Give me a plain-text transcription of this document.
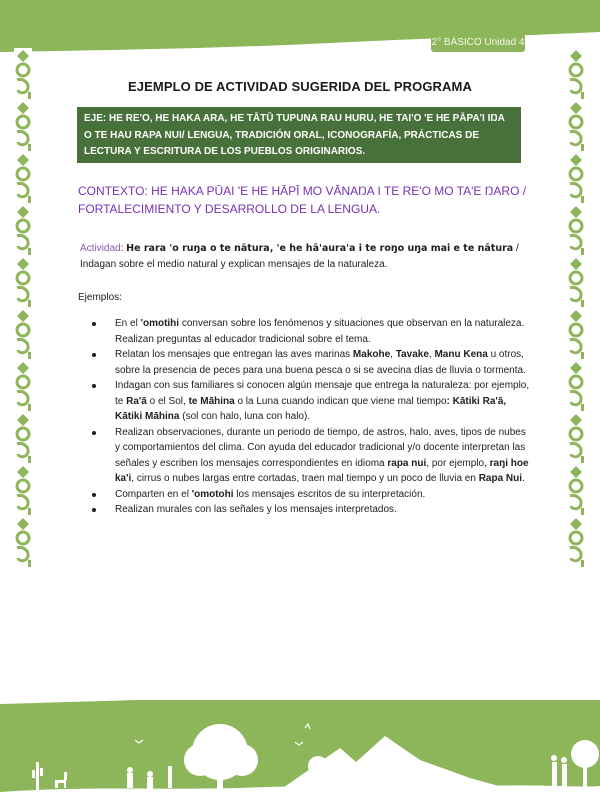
2° BÁSICO Unidad 4
EJEMPLO DE ACTIVIDAD SUGERIDA DEL PROGRAMA
EJE: HE RE'O, HE HAKA ARA, HE TĀTŪ TUPUNA RAU HURU, HE TAI'O 'E HE PĀPA'I IŊA O TE HAU RAPA NUI/ LENGUA, TRADICIÓN ORAL, ICONOGRAFÍA, PRÁCTICAS DE LECTURA Y ESCRITURA DE LOS PUEBLOS ORIGINARIOS.
CONTEXTO: HE HAKA PŪAI 'E HE HĀPĪ MO VĀNAŊA I TE RE'O MO TA'E ŊARO / FORTALECIMIENTO Y DESARROLLO DE LA LENGUA.
Actividad: He rara 'o ruŋa o te nātura, 'e he hā'aura'a i te roŋo uŋa mai e te nātura / Indagan sobre el medio natural y explican mensajes de la naturaleza.
Ejemplos:
En el 'omotihi conversan sobre los fenómenos y situaciones que observan en la naturaleza. Realizan preguntas al educador tradicional sobre el tema.
Relatan los mensajes que entregan las aves marinas Makohe, Tavake, Manu Kena u otros, sobre la presencia de peces para una buena pesca o si se avecina días de lluvia o tormenta.
Indagan con sus familiares si conocen algún mensaje que entrega la naturaleza: por ejemplo, te Ra'ā o el Sol, te Māhina o la Luna cuando indican que viene mal tiempo: Kātiki Ra'ā, Kātiki Māhina (sol con halo, luna con halo).
Realizan observaciones, durante un periodo de tiempo, de astros, halo, aves, tipos de nubes y comportamientos del clima. Con ayuda del educador tradicional y/o docente interpretan las señales y escriben los mensajes correspondientes en idioma rapa nui, por ejemplo, raŋi hoe ka'i, cirrus o nubes largas entre cortadas, traen mal tiempo y un poco de lluvia en Rapa Nui.
Comparten en el 'omotohi los mensajes escritos de su interpretación.
Realizan murales con las señales y los mensajes interpretados.
